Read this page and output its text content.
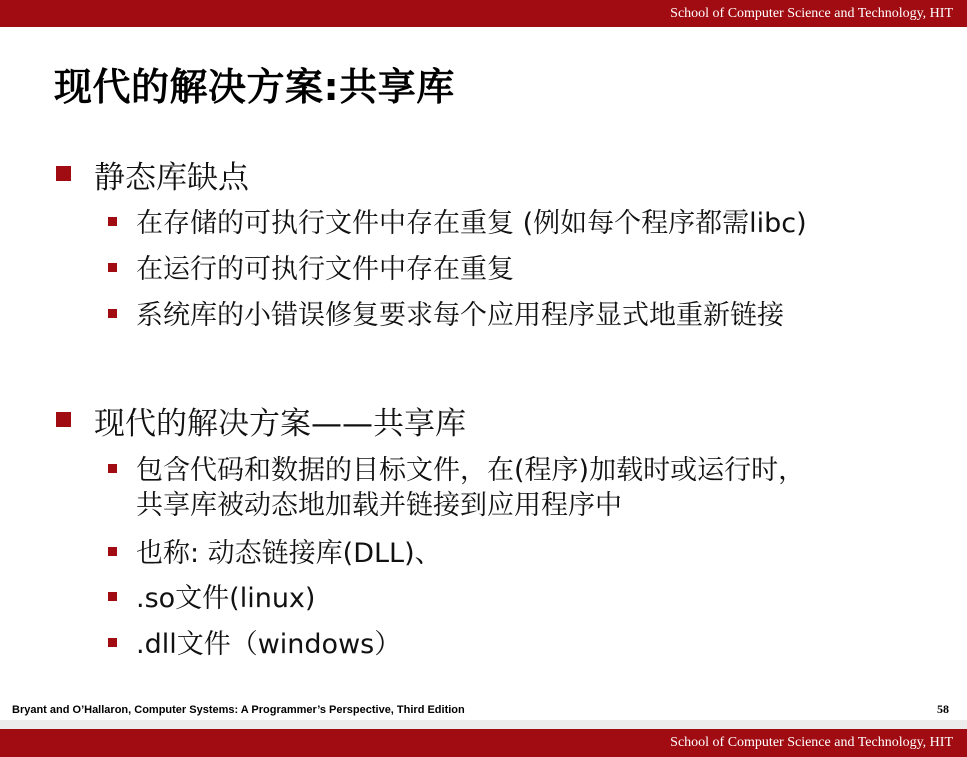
School of Computer Science and Technology, HIT
现代的解决方案:共享库
静态库缺点
在存储的可执行文件中存在重复 (例如每个程序都需libc)
在运行的可执行文件中存在重复
系统库的小错误修复要求每个应用程序显式地重新链接
现代的解决方案——共享库
包含代码和数据的目标文件，在(程序)加载时或运行时，
共享库被动态地加载并链接到应用程序中
也称: 动态链接库(DLL)、
.so文件(linux)
.dll文件（windows）
Bryant and O’Hallaron, Computer Systems: A Programmer’s Perspective, Third Edition	58
School of Computer Science and Technology, HIT
